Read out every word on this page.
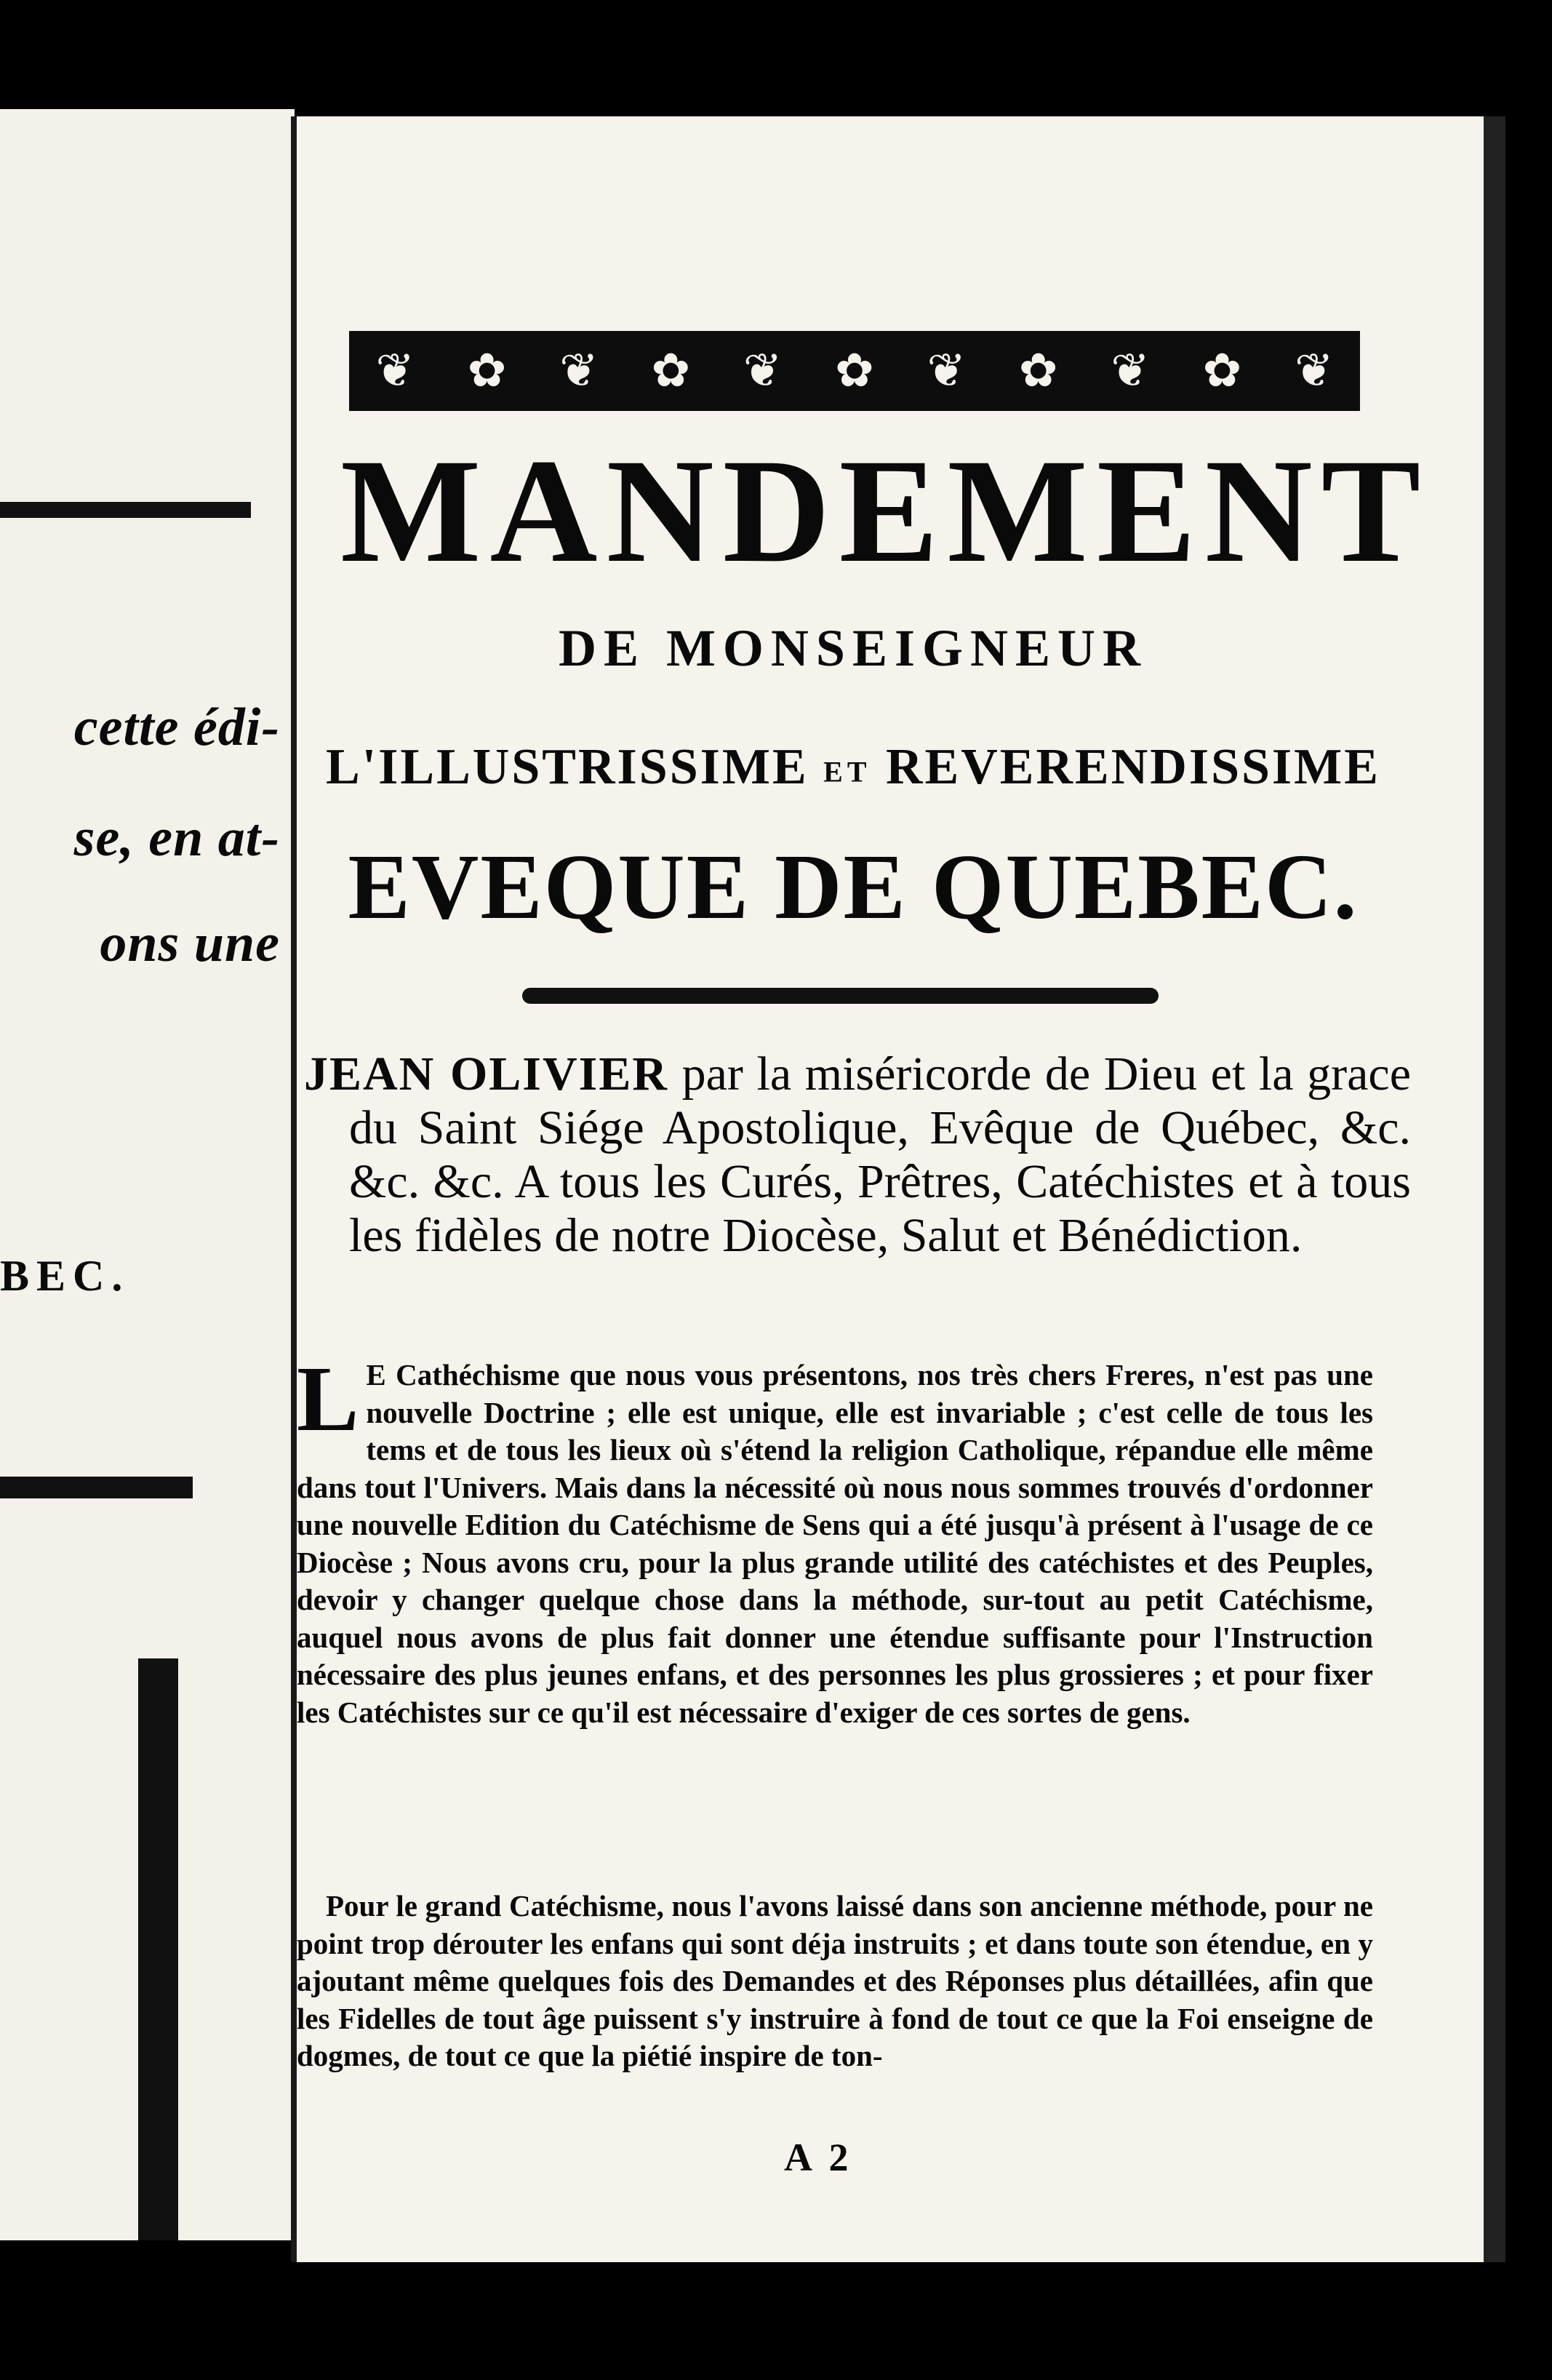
cette édi-
se, en at-
ons une
BEC.
❦ ✿ ❦ ✿ ❦ ✿ ❦ ✿ ❦ ✿ ❦
MANDEMENT
DE MONSEIGNEUR
L'ILLUSTRISSIME ET REVERENDISSIME
EVEQUE DE QUEBEC.
JEAN OLIVIER par la miséricorde de Dieu et la grace du Saint Siége Apostolique, Evêque de Québec, &c. &c. &c. A tous les Curés, Prêtres, Catéchistes et à tous les fidèles de notre Diocèse, Salut et Bénédiction.
L E Cathéchisme que nous vous présentons, nos très chers Freres, n'est pas une nouvelle Doctrine ; elle est unique, elle est invariable ; c'est celle de tous les tems et de tous les lieux où s'étend la religion Catholique, répandue elle même dans tout l'Univers. Mais dans la nécessité où nous nous sommes trouvés d'ordonner une nouvelle Edition du Catéchisme de Sens qui a été jusqu'à présent à l'usage de ce Diocèse ; Nous avons cru, pour la plus grande utilité des catéchistes et des Peuples, devoir y changer quelque chose dans la méthode, sur-tout au petit Catéchisme, auquel nous avons de plus fait donner une étendue suffisante pour l'Instruction nécessaire des plus jeunes enfans, et des personnes les plus grossieres ; et pour fixer les Catéchistes sur ce qu'il est nécessaire d'exiger de ces sortes de gens.
Pour le grand Catéchisme, nous l'avons laissé dans son ancienne méthode, pour ne point trop dérouter les enfans qui sont déja instruits ; et dans toute son étendue, en y ajoutant même quelques fois des Demandes et des Réponses plus détaillées, afin que les Fidelles de tout âge puissent s'y instruire à fond de tout ce que la Foi enseigne de dogmes, de tout ce que la piétié inspire de ton-
A 2
